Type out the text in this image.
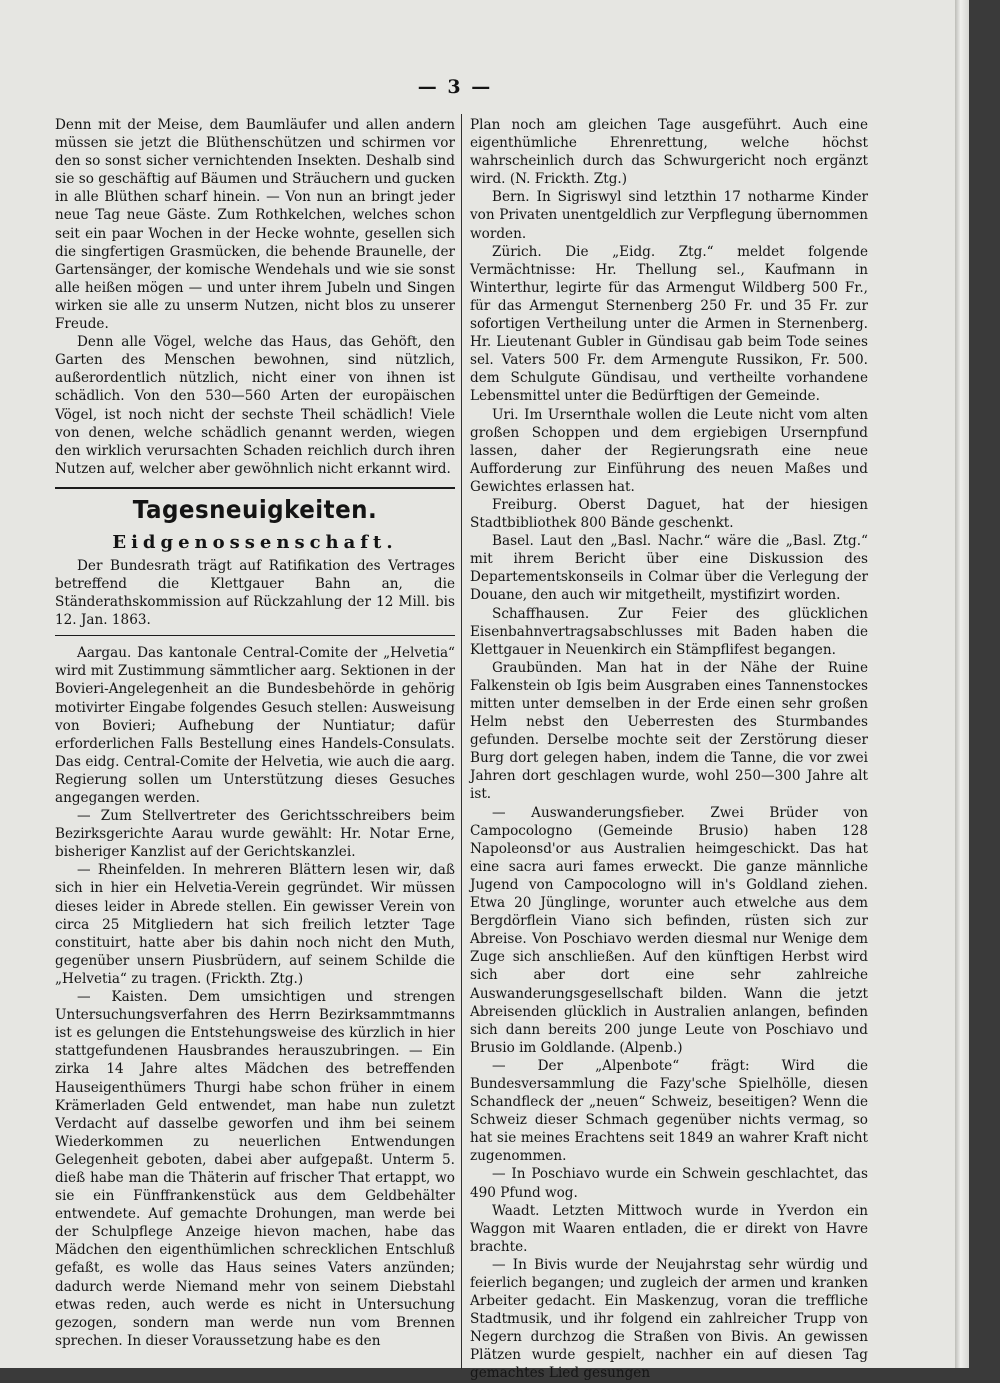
— 3 —

Denn mit der Meise, dem Baumläufer und allen andern müssen sie jetzt die Blüthenschützen und schirmen vor den so sonst sicher vernichtenden Insekten. Deshalb sind sie so geschäftig auf Bäumen und Sträuchern und gucken in alle Blüthen scharf hinein. — Von nun an bringt jeder neue Tag neue Gäste. Zum Rothkelchen, welches schon seit ein paar Wochen in der Hecke wohnte, gesellen sich die singfertigen Grasmücken, die behende Braunelle, der Gartensänger, der komische Wendehals und wie sie sonst alle heißen mögen — und unter ihrem Jubeln und Singen wirken sie alle zu unserm Nutzen, nicht blos zu unserer Freude.

Denn alle Vögel, welche das Haus, das Gehöft, den Garten des Menschen bewohnen, sind nützlich, außerordentlich nützlich, nicht einer von ihnen ist schädlich. Von den 530—560 Arten der europäischen Vögel, ist noch nicht der sechste Theil schädlich! Viele von denen, welche schädlich genannt werden, wiegen den wirklich verursachten Schaden reichlich durch ihren Nutzen auf, welcher aber gewöhnlich nicht erkannt wird.

Tagesneuigkeiten.
Eidgenossenschaft.

Der Bundesrath trägt auf Ratifikation des Vertrages betreffend die Klettgauer Bahn an, die Ständerathskommission auf Rückzahlung der 12 Mill. bis 12. Jan. 1863.

Aargau. Das kantonale Central-Comite der „Helvetia“ wird mit Zustimmung sämmtlicher aarg. Sektionen in der Bovieri-Angelegenheit an die Bundesbehörde in gehörig motivirter Eingabe folgendes Gesuch stellen: Ausweisung von Bovieri; Aufhebung der Nuntiatur; dafür erforderlichen Falls Bestellung eines Handels-Consulats. Das eidg. Central-Comite der Helvetia, wie auch die aarg. Regierung sollen um Unterstützung dieses Gesuches angegangen werden.

— Zum Stellvertreter des Gerichtsschreibers beim Bezirksgerichte Aarau wurde gewählt: Hr. Notar Erne, bisheriger Kanzlist auf der Gerichtskanzlei.

— Rheinfelden. In mehreren Blättern lesen wir, daß sich in hier ein Helvetia-Verein gegründet. Wir müssen dieses leider in Abrede stellen. Ein gewisser Verein von circa 25 Mitgliedern hat sich freilich letzter Tage constituirt, hatte aber bis dahin noch nicht den Muth, gegenüber unsern Piusbrüdern, auf seinem Schilde die „Helvetia“ zu tragen. (Frickth. Ztg.)

— Kaisten. Dem umsichtigen und strengen Untersuchungsverfahren des Herrn Bezirksammtmanns ist es gelungen die Entstehungsweise des kürzlich in hier stattgefundenen Hausbrandes herauszubringen. — Ein zirka 14 Jahre altes Mädchen des betreffenden Hauseigenthümers Thurgi habe schon früher in einem Krämerladen Geld entwendet, man habe nun zuletzt Verdacht auf dasselbe geworfen und ihm bei seinem Wiederkommen zu neuerlichen Entwendungen Gelegenheit geboten, dabei aber aufgepaßt. Unterm 5. dieß habe man die Thäterin auf frischer That ertappt, wo sie ein Fünffrankenstück aus dem Geldbehälter entwendete. Auf gemachte Drohungen, man werde bei der Schulpflege Anzeige hievon machen, habe das Mädchen den eigenthümlichen schrecklichen Entschluß gefaßt, es wolle das Haus seines Vaters anzünden; dadurch werde Niemand mehr von seinem Diebstahl etwas reden, auch werde es nicht in Untersuchung gezogen, sondern man werde nun vom Brennen sprechen. In dieser Voraussetzung habe es den

Plan noch am gleichen Tage ausgeführt. Auch eine eigenthümliche Ehrenrettung, welche höchst wahrscheinlich durch das Schwurgericht noch ergänzt wird. (N. Frickth. Ztg.)

Bern. In Sigriswyl sind letzthin 17 notharme Kinder von Privaten unentgeldlich zur Verpflegung übernommen worden.

Zürich. Die „Eidg. Ztg.“ meldet folgende Vermächtnisse: Hr. Thellung sel., Kaufmann in Winterthur, legirte für das Armengut Wildberg 500 Fr., für das Armengut Sternenberg 250 Fr. und 35 Fr. zur sofortigen Vertheilung unter die Armen in Sternenberg. Hr. Lieutenant Gubler in Gündisau gab beim Tode seines sel. Vaters 500 Fr. dem Armengute Russikon, Fr. 500. dem Schulgute Gündisau, und vertheilte vorhandene Lebensmittel unter die Bedürftigen der Gemeinde.

Uri. Im Ursernthale wollen die Leute nicht vom alten großen Schoppen und dem ergiebigen Ursernpfund lassen, daher der Regierungsrath eine neue Aufforderung zur Einführung des neuen Maßes und Gewichtes erlassen hat.

Freiburg. Oberst Daguet, hat der hiesigen Stadtbibliothek 800 Bände geschenkt.

Basel. Laut den „Basl. Nachr.“ wäre die „Basl. Ztg.“ mit ihrem Bericht über eine Diskussion des Departementskonseils in Colmar über die Verlegung der Douane, den auch wir mitgetheilt, mystifizirt worden.

Schaffhausen. Zur Feier des glücklichen Eisenbahnvertragsabschlusses mit Baden haben die Klettgauer in Neuenkirch ein Stämpflifest begangen.

Graubünden. Man hat in der Nähe der Ruine Falkenstein ob Igis beim Ausgraben eines Tannenstockes mitten unter demselben in der Erde einen sehr großen Helm nebst den Ueberresten des Sturmbandes gefunden. Derselbe mochte seit der Zerstörung dieser Burg dort gelegen haben, indem die Tanne, die vor zwei Jahren dort geschlagen wurde, wohl 250—300 Jahre alt ist.

— Auswanderungsfieber. Zwei Brüder von Campocologno (Gemeinde Brusio) haben 128 Napoleonsd'or aus Australien heimgeschickt. Das hat eine sacra auri fames erweckt. Die ganze männliche Jugend von Campocologno will in's Goldland ziehen. Etwa 20 Jünglinge, worunter auch etwelche aus dem Bergdörflein Viano sich befinden, rüsten sich zur Abreise. Von Poschiavo werden diesmal nur Wenige dem Zuge sich anschließen. Auf den künftigen Herbst wird sich aber dort eine sehr zahlreiche Auswanderungsgesellschaft bilden. Wann die jetzt Abreisenden glücklich in Australien anlangen, befinden sich dann bereits 200 junge Leute von Poschiavo und Brusio im Goldlande. (Alpenb.)

— Der „Alpenbote“ frägt: Wird die Bundesversammlung die Fazy'sche Spielhölle, diesen Schandfleck der „neuen“ Schweiz, beseitigen? Wenn die Schweiz dieser Schmach gegenüber nichts vermag, so hat sie meines Erachtens seit 1849 an wahrer Kraft nicht zugenommen.

— In Poschiavo wurde ein Schwein geschlachtet, das 490 Pfund wog.

Waadt. Letzten Mittwoch wurde in Yverdon ein Waggon mit Waaren entladen, die er direkt von Havre brachte.

— In Bivis wurde der Neujahrstag sehr würdig und feierlich begangen; und zugleich der armen und kranken Arbeiter gedacht. Ein Maskenzug, voran die treffliche Stadtmusik, und ihr folgend ein zahlreicher Trupp von Negern durchzog die Straßen von Bivis. An gewissen Plätzen wurde gespielt, nachher ein auf diesen Tag gemachtes Lied gesungen
